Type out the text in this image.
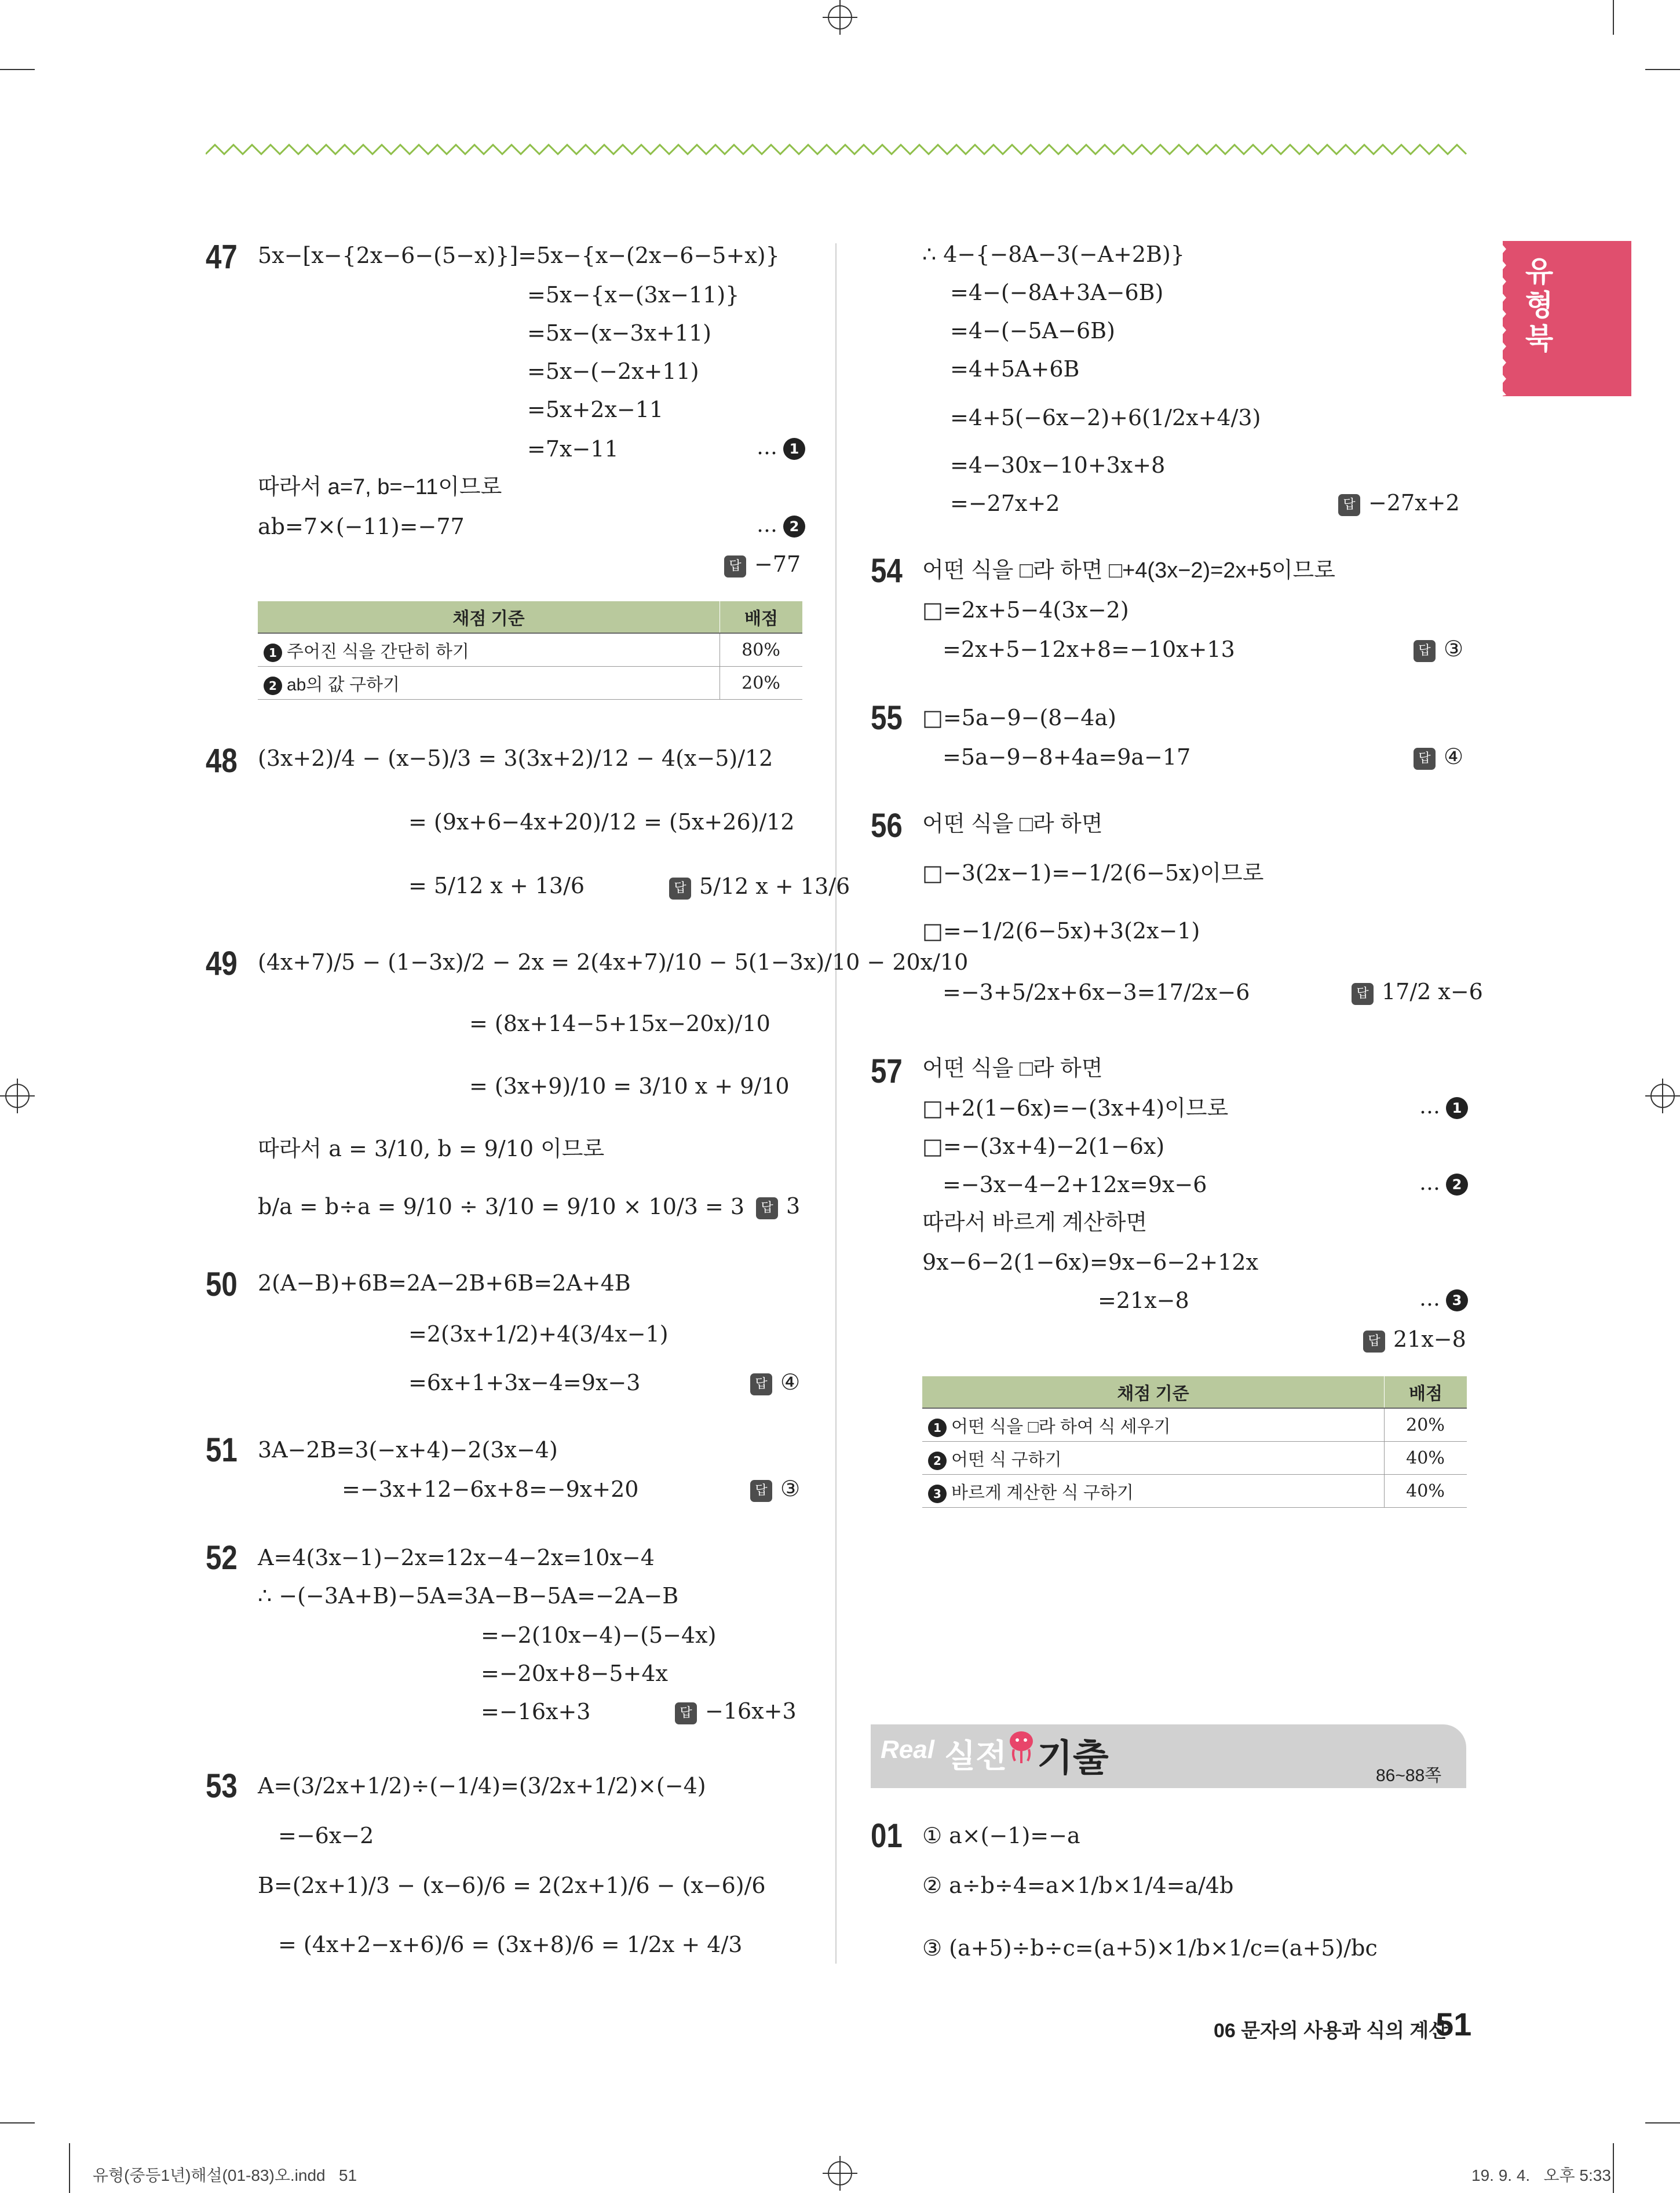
유형북
47 5x−[x−{2x−6−(5−x)}]=5x−{x−(2x−6−5+x)}
=5x−{x−(3x−11)}
=5x−(x−3x+11)
=5x−(−2x+11)
=5x+2x−11
=7x−11	… 1
따라서 a=7, b=−11이므로
ab=7×(−11)=−77	… 2
답 −77
채점 기준	배점
1 주어진 식을 간단히 하기	80%
2 ab의 값 구하기	20%
48 (3x+2)/4 − (x−5)/3 = 3(3x+2)/12 − 4(x−5)/12
= (9x+6−4x+20)/12 = (5x+26)/12
= 5/12 x + 13/6	답 5/12 x + 13/6
49 (4x+7)/5 − (1−3x)/2 − 2x = 2(4x+7)/10 − 5(1−3x)/10 − 20x/10
= (8x+14−5+15x−20x)/10
= (3x+9)/10 = 3/10 x + 9/10
따라서 a = 3/10, b = 9/10 이므로
b/a = b÷a = 9/10 ÷ 3/10 = 9/10 × 10/3 = 3	답 3
50 2(A−B)+6B=2A−2B+6B=2A+4B
=2(3x+1/2)+4(3/4x−1)
=6x+1+3x−4=9x−3	답 ④
51 3A−2B=3(−x+4)−2(3x−4)
=−3x+12−6x+8=−9x+20	답 ③
52 A=4(3x−1)−2x=12x−4−2x=10x−4
∴ −(−3A+B)−5A=3A−B−5A=−2A−B
=−2(10x−4)−(5−4x)
=−20x+8−5+4x
=−16x+3	답 −16x+3
53 A=(3/2x+1/2)÷(−1/4)=(3/2x+1/2)×(−4)
=−6x−2
B=(2x+1)/3 − (x−6)/6 = 2(2x+1)/6 − (x−6)/6
= (4x+2−x+6)/6 = (3x+8)/6 = 1/2x + 4/3
∴ 4−{−8A−3(−A+2B)}
=4−(−8A+3A−6B)
=4−(−5A−6B)
=4+5A+6B
=4+5(−6x−2)+6(1/2x+4/3)
=4−30x−10+3x+8
=−27x+2	답 −27x+2
54 어떤 식을 □라 하면 □+4(3x−2)=2x+5이므로
□=2x+5−4(3x−2)
=2x+5−12x+8=−10x+13	답 ③
55 □=5a−9−(8−4a)
=5a−9−8+4a=9a−17	답 ④
56 어떤 식을 □라 하면
□−3(2x−1)=−1/2(6−5x)이므로
□=−1/2(6−5x)+3(2x−1)
=−3+5/2x+6x−3=17/2x−6	답 17/2 x−6
57 어떤 식을 □라 하면
□+2(1−6x)=−(3x+4)이므로	… 1
□=−(3x+4)−2(1−6x)
=−3x−4−2+12x=9x−6	… 2
따라서 바르게 계산하면
9x−6−2(1−6x)=9x−6−2+12x
=21x−8	… 3
답 21x−8
채점 기준	배점
1 어떤 식을 □라 하여 식 세우기	20%
2 어떤 식 구하기	40%
3 바르게 계산한 식 구하기	40%
Real 실전 기출	86~88쪽
01 ① a×(−1)=−a
② a÷b÷4=a×1/b×1/4=a/4b
③ (a+5)÷b÷c=(a+5)×1/b×1/c=(a+5)/bc
06 문자의 사용과 식의 계산
51
유형(중등1년)해설(01-83)오.indd   51	19. 9. 4.   오후 5:33
